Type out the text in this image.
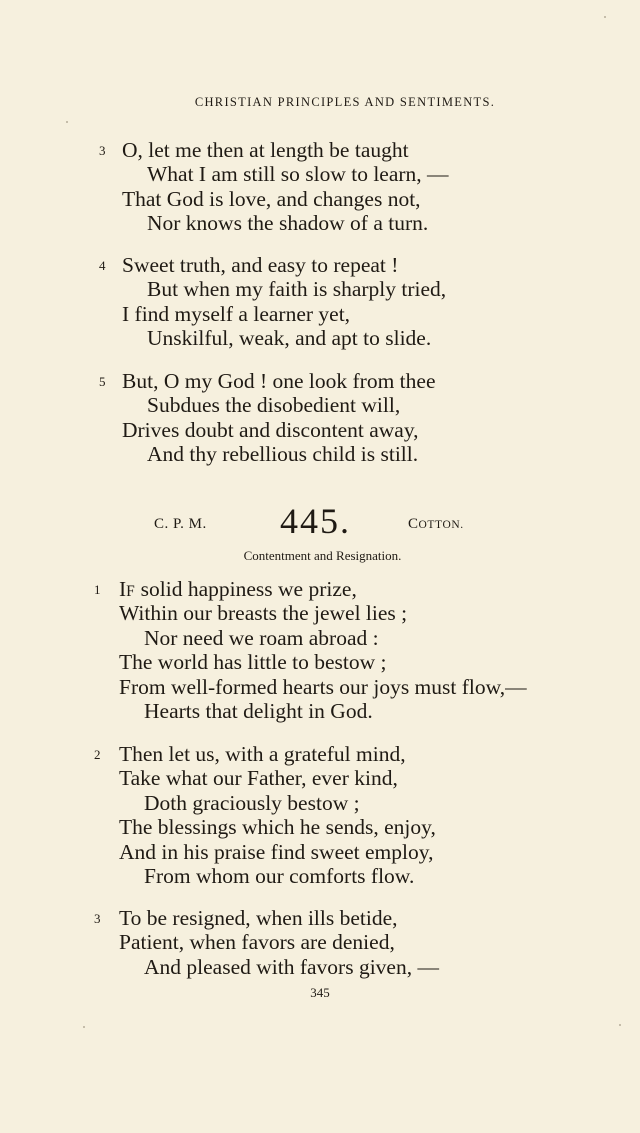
CHRISTIAN PRINCIPLES AND SENTIMENTS.
3 O, let me then at length be taught
What I am still so slow to learn, —
That God is love, and changes not,
Nor knows the shadow of a turn.
4 Sweet truth, and easy to repeat !
But when my faith is sharply tried,
I find myself a learner yet,
Unskilful, weak, and apt to slide.
5 But, O my God ! one look from thee
Subdues the disobedient will,
Drives doubt and discontent away,
And thy rebellious child is still.
C. P. M. 445.	COTTON.
Contentment and Resignation.
1 IF solid happiness we prize,
Within our breasts the jewel lies ;
Nor need we roam abroad :
The world has little to bestow ;
From well-formed hearts our joys must flow,—
Hearts that delight in God.
2 Then let us, with a grateful mind,
Take what our Father, ever kind,
Doth graciously bestow ;
The blessings which he sends, enjoy,
And in his praise find sweet employ,
From whom our comforts flow.
3 To be resigned, when ills betide,
Patient, when favors are denied,
And pleased with favors given, —
345
